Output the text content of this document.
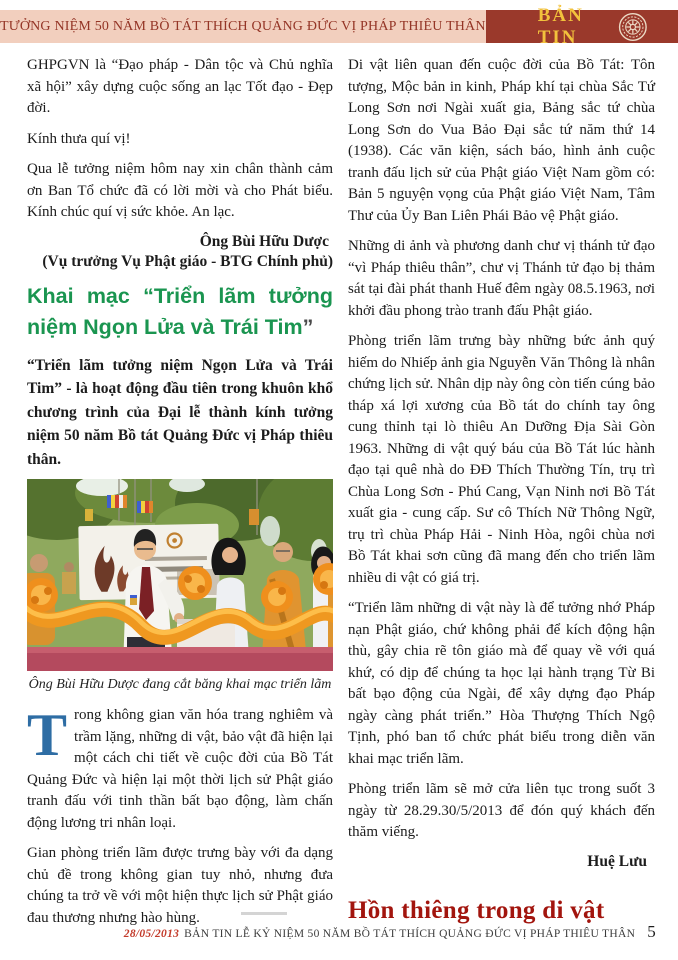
TƯỞNG NIỆM 50 NĂM BỒ TÁT THÍCH QUẢNG ĐỨC VỊ PHÁP THIÊU THÂN
BẢN TIN

GHPGVN là “Đạo pháp - Dân tộc và Chủ nghĩa xã hội” xây dựng cuộc sống an lạc Tốt đạo - Đẹp đời.

Kính thưa quí vị!

Qua lễ tưởng niệm hôm nay xin chân thành cảm ơn Ban Tổ chức đã có lời mời và cho Phát biểu. Kính chúc quí vị sức khỏe. An lạc.

Ông Bùi Hữu Dược

(Vụ trưởng Vụ Phật giáo - BTG Chính phủ)

Khai mạc “Triển lãm tưởng niệm Ngọn Lửa và Trái Tim”

“Triển lãm tưởng niệm Ngọn Lửa và Trái Tim” - là hoạt động đầu tiên trong khuôn khổ chương trình của Đại lễ thành kính tưởng niệm 50 năm Bồ tát Quảng Đức vị Pháp thiêu thân.

Ông Bùi Hữu Dược đang cắt băng khai mạc triển lãm

Trong không gian văn hóa trang nghiêm và trầm lặng, những di vật, bảo vật đã hiện lại một cách chi tiết về cuộc đời của Bồ Tát Quảng Đức và hiện lại một thời lịch sử Phật giáo tranh đấu với tinh thần bất bạo động, làm chấn động lương tri nhân loại.

Gian phòng triển lãm được trưng bày với đa dạng chủ đề trong không gian tuy nhỏ, nhưng đưa chúng ta trở về với một hiện thực lịch sử Phật giáo đau thương nhưng hào hùng.

Di vật liên quan đến cuộc đời của Bồ Tát: Tôn tượng, Mộc bản in kinh, Pháp khí tại chùa Sắc Tứ Long Sơn nơi Ngài xuất gia, Bảng sắc tứ chùa Long Sơn do Vua Bảo Đại sắc tứ năm thứ 14 (1938). Các văn kiện, sách báo, hình ảnh cuộc tranh đấu lịch sử của Phật giáo Việt Nam gồm có: Bản 5 nguyện vọng của Phật giáo Việt Nam, Tâm Thư của Ủy Ban Liên Phái Bảo vệ Phật giáo.

Những di ảnh và phương danh chư vị thánh tử đạo “vì Pháp thiêu thân”, chư vị Thánh tử đạo bị thảm sát tại đài phát thanh Huế đêm ngày 08.5.1963, nơi khởi đầu phong trào tranh đấu Phật giáo.

Phòng triển lãm trưng bày những bức ảnh quý hiếm do Nhiếp ảnh gia Nguyễn Văn Thông là nhân chứng lịch sử. Nhân dịp này ông còn tiến cúng bảo tháp xá lợi xương của Bồ tát do chính tay ông cung thỉnh tại lò thiêu An Dưỡng Địa Sài Gòn 1963. Những di vật quý báu của Bồ Tát lúc hành đạo tại quê nhà do ĐĐ Thích Thường Tín, trụ trì Chùa Long Sơn - Phú Cang, Vạn Ninh nơi Bồ Tát xuất gia - cung cấp. Sư cô Thích Nữ Thông Ngữ, trụ trì chùa Pháp Hải - Ninh Hòa, ngôi chùa nơi Bồ Tát khai sơn cũng đã mang đến cho triển lãm nhiều di vật có giá trị.

“Triển lãm những di vật này là để tưởng nhớ Pháp nạn Phật giáo, chứ không phải để kích động hận thù, gây chia rẽ tôn giáo mà để quay về với quá khứ, có dịp để chúng ta học lại hành trạng Từ Bi bất bạo động của Ngài, để xây dựng đạo Pháp ngày càng phát triển.” Hòa Thượng Thích Ngộ Tịnh, phó ban tổ chức phát biểu trong diễn văn khai mạc triển lãm.

Phòng triển lãm sẽ mở cửa liên tục trong suốt 3 ngày từ 28.29.30/5/2013 để đón quý khách đến thăm viếng.

Huệ Lưu

Hồn thiêng trong di vật
28/05/2013 BẢN TIN LỄ KỶ NIỆM 50 NĂM BỒ TÁT THÍCH QUẢNG ĐỨC VỊ PHÁP THIÊU THÂN 5
